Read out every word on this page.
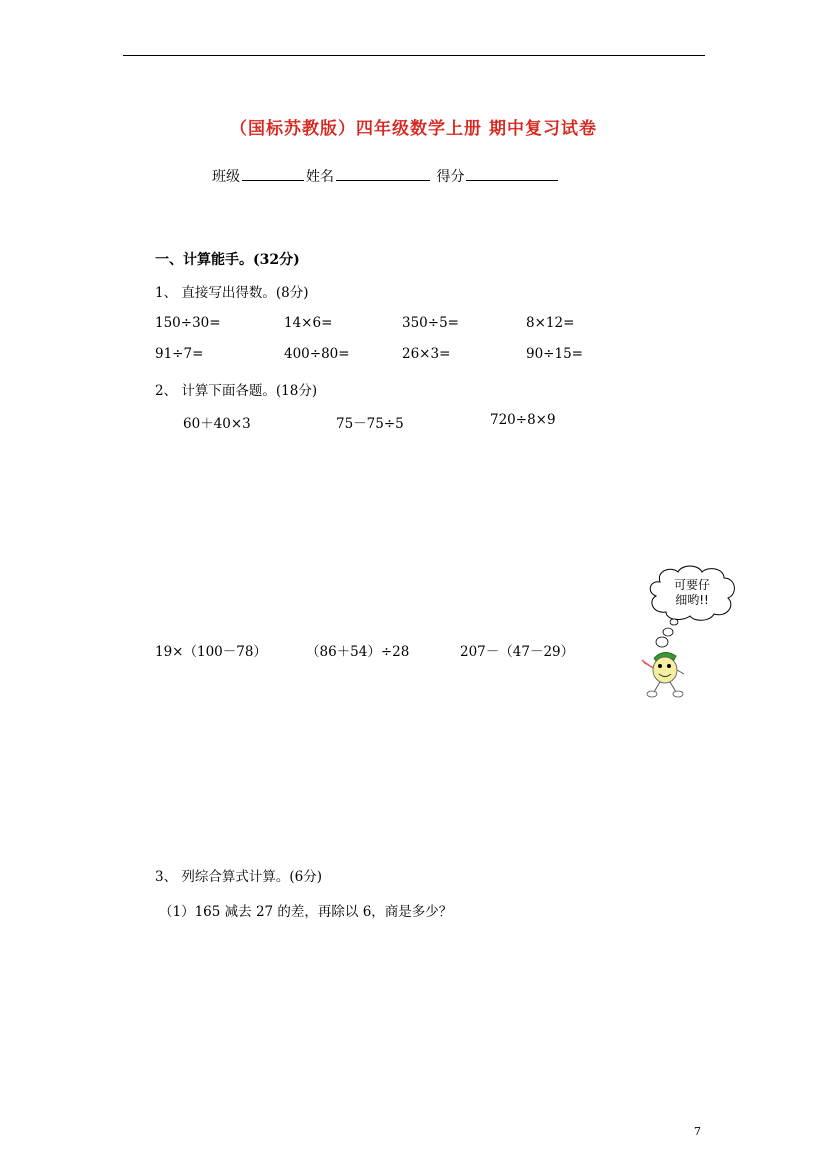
（国标苏教版）四年级数学上册 期中复习试卷
班级	姓名	得分
一、计算能手。(32分)
1、 直接写出得数。(8分)
150÷30=	14×6=	350÷5=	8×12=
91÷7=	400÷80=	26×3=	90÷15=
2、 计算下面各题。(18分)
60＋40×3	75－75÷5	720÷8×9
19×（100－78）	（86＋54）÷28	207－（47－29）
可要仔
细哟!!
3、 列综合算式计算。(6分)
（1）165 减去 27 的差，再除以 6，商是多少？
7
